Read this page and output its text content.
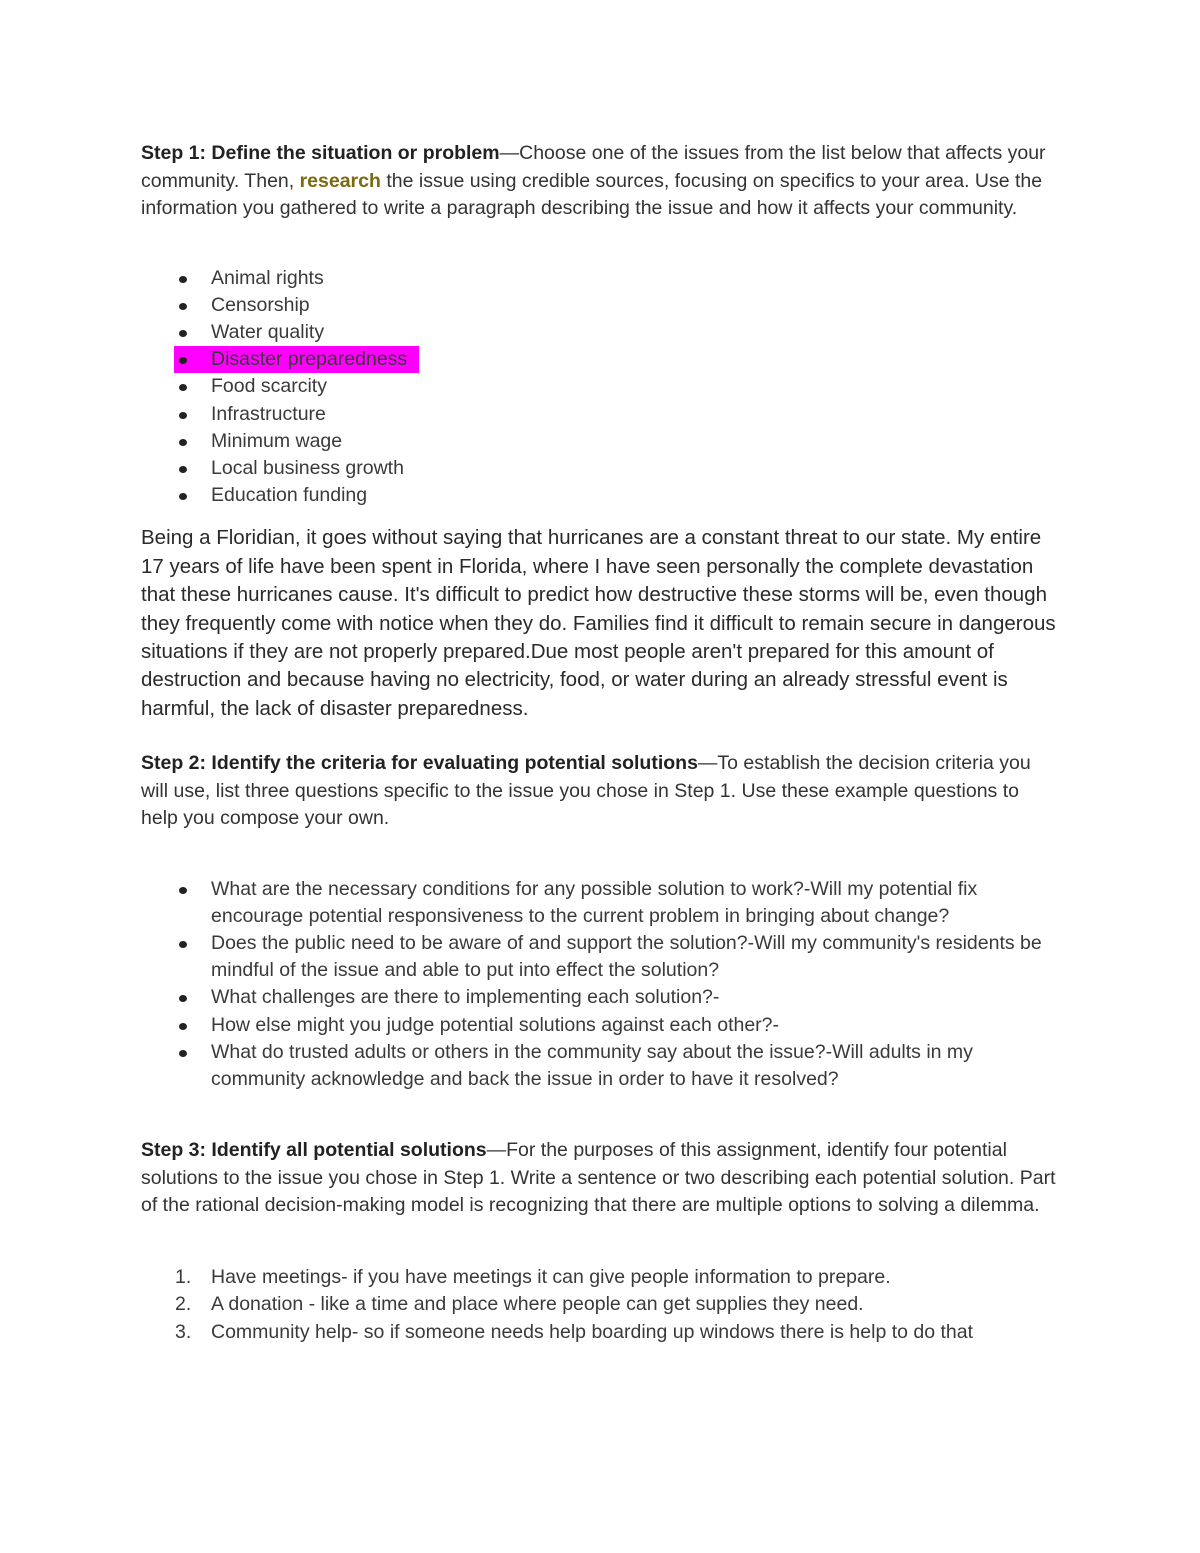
Step 1: Define the situation or problem—Choose one of the issues from the list below that affects your community. Then, research the issue using credible sources, focusing on specifics to your area. Use the information you gathered to write a paragraph describing the issue and how it affects your community.

Animal rights
Censorship
Water quality
Disaster preparedness
Food scarcity
Infrastructure
Minimum wage
Local business growth
Education funding

Being a Floridian, it goes without saying that hurricanes are a constant threat to our state. My entire 17 years of life have been spent in Florida, where I have seen personally the complete devastation that these hurricanes cause. It's difficult to predict how destructive these storms will be, even though they frequently come with notice when they do. Families find it difficult to remain secure in dangerous situations if they are not properly prepared.Due most people aren't prepared for this amount of destruction and because having no electricity, food, or water during an already stressful event is harmful, the lack of disaster preparedness.

Step 2: Identify the criteria for evaluating potential solutions—To establish the decision criteria you will use, list three questions specific to the issue you chose in Step 1. Use these example questions to help you compose your own.

What are the necessary conditions for any possible solution to work?-Will my potential fix encourage potential responsiveness to the current problem in bringing about change?
Does the public need to be aware of and support the solution?-Will my community's residents be mindful of the issue and able to put into effect the solution?
What challenges are there to implementing each solution?-
How else might you judge potential solutions against each other?-
What do trusted adults or others in the community say about the issue?-Will adults in my community acknowledge and back the issue in order to have it resolved?

Step 3: Identify all potential solutions—For the purposes of this assignment, identify four potential solutions to the issue you chose in Step 1. Write a sentence or two describing each potential solution. Part of the rational decision-making model is recognizing that there are multiple options to solving a dilemma.

1. Have meetings- if you have meetings it can give people information to prepare.
2. A donation - like a time and place where people can get supplies they need.
3. Community help- so if someone needs help boarding up windows there is help to do that
